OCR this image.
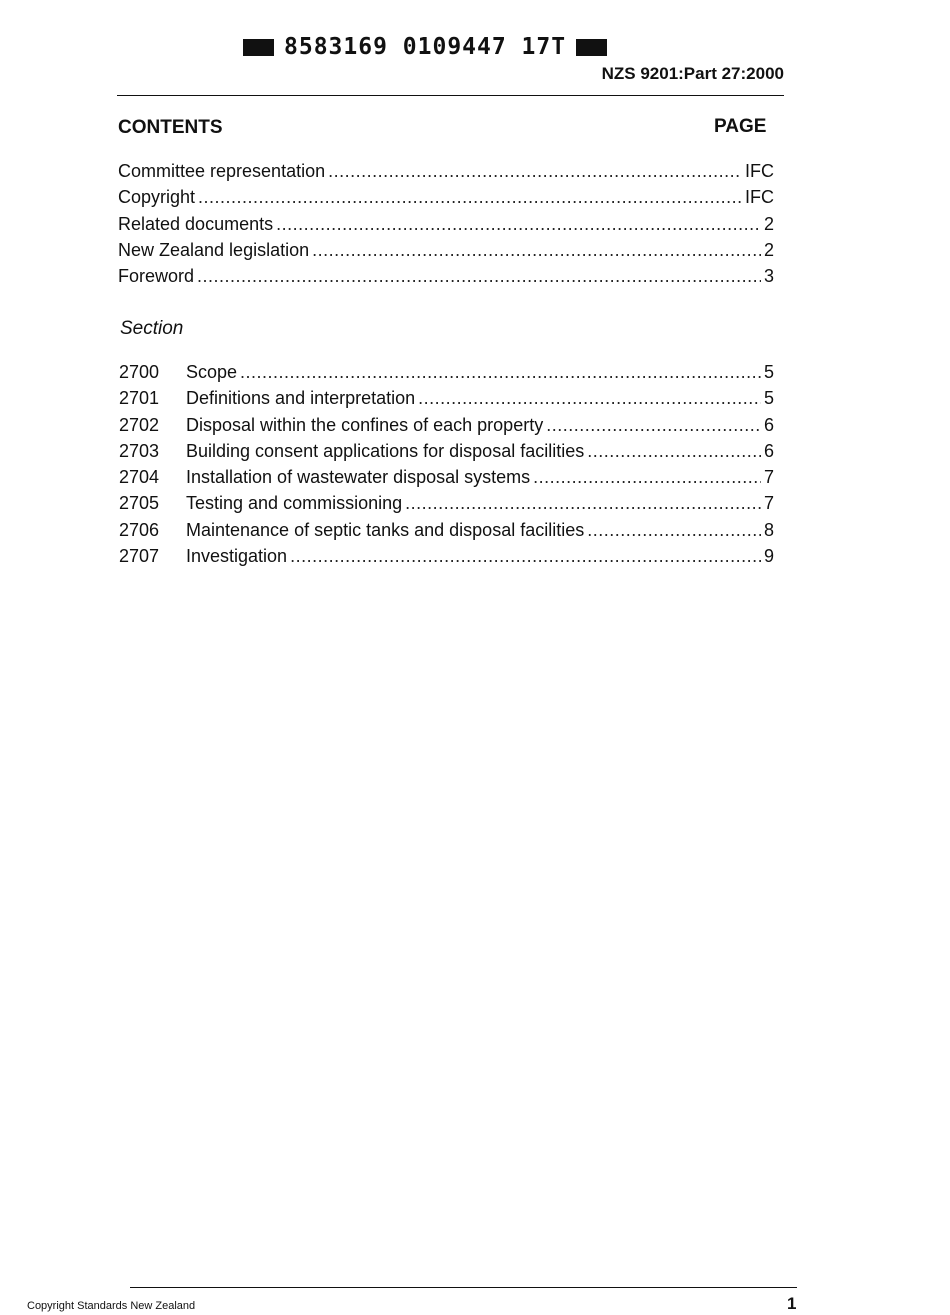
8583169 0109447 17T
NZS 9201:Part 27:2000
CONTENTS	PAGE
Committee representation .....	IFC
Copyright .....	IFC
Related documents .....	2
New Zealand legislation .....	2
Foreword .....	3
Section
2700	Scope .....	5
2701	Definitions and interpretation .....	5
2702	Disposal within the confines of each property .....	6
2703	Building consent applications for disposal facilities .....	6
2704	Installation of wastewater disposal systems .....	7
2705	Testing and commissioning .....	7
2706	Maintenance of septic tanks and disposal facilities .....	8
2707	Investigation .....	9
Copyright Standards New Zealand	1
